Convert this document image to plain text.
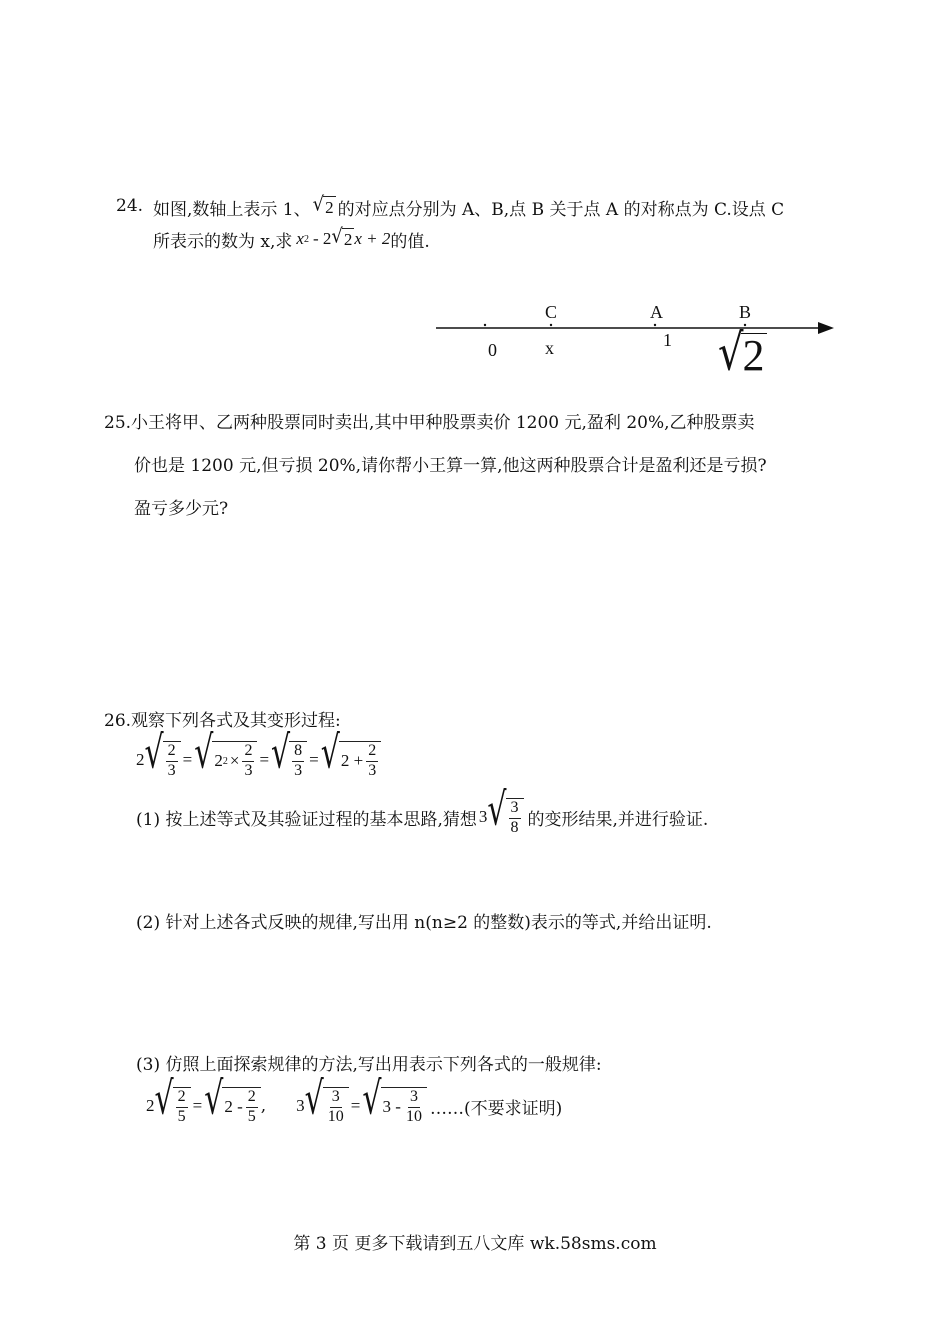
24. 如图,数轴上表示 1、 √ 2 的对应点分别为 A、B,点 B 关于点 A 的对称点为 C.设点 C
所表示的数为 x,求 x 2 - 2 √ 2 x + 2 的值.
C	A	B
0	x	1 √ 2
25.小王将甲、乙两种股票同时卖出,其中甲种股票卖价 1200 元,盈利 20%,乙种股票卖
价也是 1200 元,但亏损 20%,请你帮小王算一算,他这两种股票合计是盈利还是亏损?
盈亏多少元?
26.观察下列各式及其变形过程:
2 √ $\frac{2}{3}$ = √ 2 $2 \times \frac{2}{3}$ = √ $\frac{8}{3}$ = √ $2 + \frac{2}{3}$
(1) 按上述等式及其验证过程的基本思路,猜想 3 √ $\frac{3}{8}$ 的变形结果,并进行验证.
(2) 针对上述各式反映的规律,写出用 n(n≥2 的整数)表示的等式,并给出证明.
(3) 仿照上面探索规律的方法,写出用表示下列各式的一般规律:
2 √ $\frac{2}{5}$ = √ $2 - \frac{2}{5}$ , 3 √ $\frac{3}{10}$ = √ $3 - \frac{3}{10}$ ……(不要求证明)
第 3 页 更多下载请到五八文库 wk.58sms.com
